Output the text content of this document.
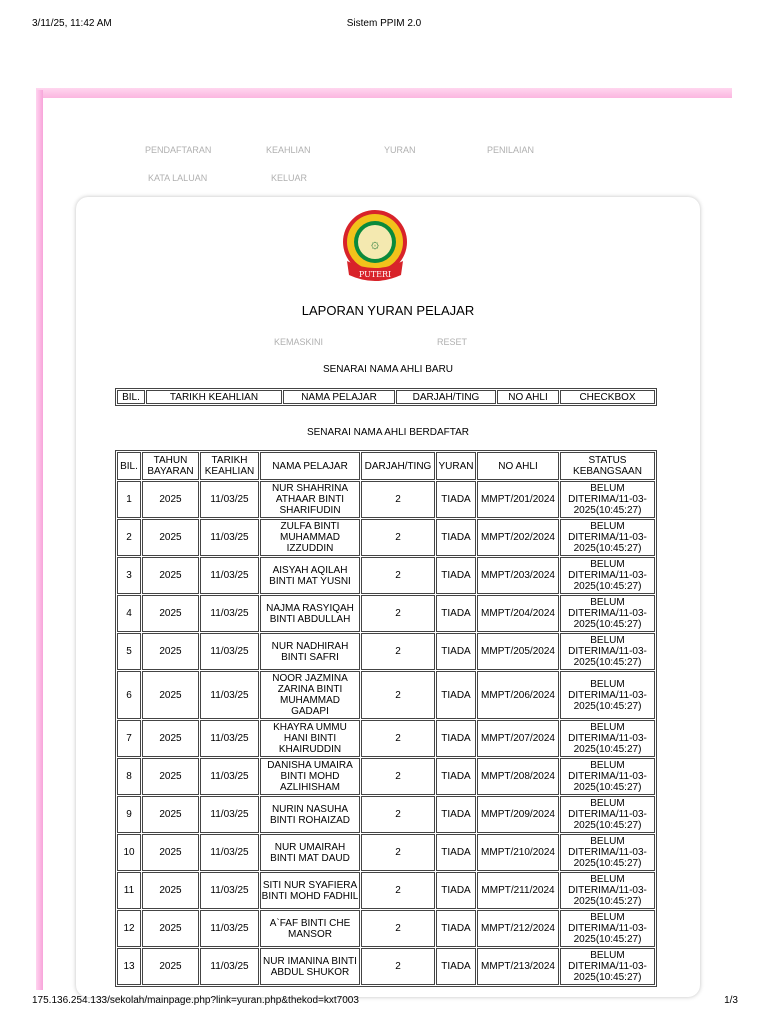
3/11/25, 11:42 AM	Sistem PPIM 2.0
PENDAFTARAN	KEAHLIAN	YURAN	PENILAIAN
KATA LALUAN	KELUAR
۞
PUTERI
LAPORAN YURAN PELAJAR
KEMASKINI	RESET
SENARAI NAMA AHLI BARU
BIL.	TARIKH KEAHLIAN	NAMA PELAJAR	DARJAH/TING	NO AHLI	CHECKBOX
SENARAI NAMA AHLI BERDAFTAR
BIL.	TAHUN BAYARAN	TARIKH KEAHLIAN	NAMA PELAJAR	DARJAH/TING	YURAN	NO AHLI	STATUS KEBANGSAAN
1	2025	11/03/25	NUR SHAHRINA ATHAAR BINTI SHARIFUDIN	2	TIADA	MMPT/201/2024	BELUM DITERIMA/11-03-2025(10:45:27)
2	2025	11/03/25	ZULFA BINTI MUHAMMAD IZZUDDIN	2	TIADA	MMPT/202/2024	BELUM DITERIMA/11-03-2025(10:45:27)
3	2025	11/03/25	AISYAH AQILAH BINTI MAT YUSNI	2	TIADA	MMPT/203/2024	BELUM DITERIMA/11-03-2025(10:45:27)
4	2025	11/03/25	NAJMA RASYIQAH BINTI ABDULLAH	2	TIADA	MMPT/204/2024	BELUM DITERIMA/11-03-2025(10:45:27)
5	2025	11/03/25	NUR NADHIRAH BINTI SAFRI	2	TIADA	MMPT/205/2024	BELUM DITERIMA/11-03-2025(10:45:27)
6	2025	11/03/25	NOOR JAZMINA ZARINA BINTI MUHAMMAD GADAPI	2	TIADA	MMPT/206/2024	BELUM DITERIMA/11-03-2025(10:45:27)
7	2025	11/03/25	KHAYRA UMMU HANI BINTI KHAIRUDDIN	2	TIADA	MMPT/207/2024	BELUM DITERIMA/11-03-2025(10:45:27)
8	2025	11/03/25	DANISHA UMAIRA BINTI MOHD AZLIHISHAM	2	TIADA	MMPT/208/2024	BELUM DITERIMA/11-03-2025(10:45:27)
9	2025	11/03/25	NURIN NASUHA BINTI ROHAIZAD	2	TIADA	MMPT/209/2024	BELUM DITERIMA/11-03-2025(10:45:27)
10	2025	11/03/25	NUR UMAIRAH BINTI MAT DAUD	2	TIADA	MMPT/210/2024	BELUM DITERIMA/11-03-2025(10:45:27)
11	2025	11/03/25	SITI NUR SYAFIERA BINTI MOHD FADHIL	2	TIADA	MMPT/211/2024	BELUM DITERIMA/11-03-2025(10:45:27)
12	2025	11/03/25	A`FAF BINTI CHE MANSOR	2	TIADA	MMPT/212/2024	BELUM DITERIMA/11-03-2025(10:45:27)
13	2025	11/03/25	NUR IMANINA BINTI ABDUL SHUKOR	2	TIADA	MMPT/213/2024	BELUM DITERIMA/11-03-2025(10:45:27)
175.136.254.133/sekolah/mainpage.php?link=yuran.php&thekod=kxt7003	1/3
